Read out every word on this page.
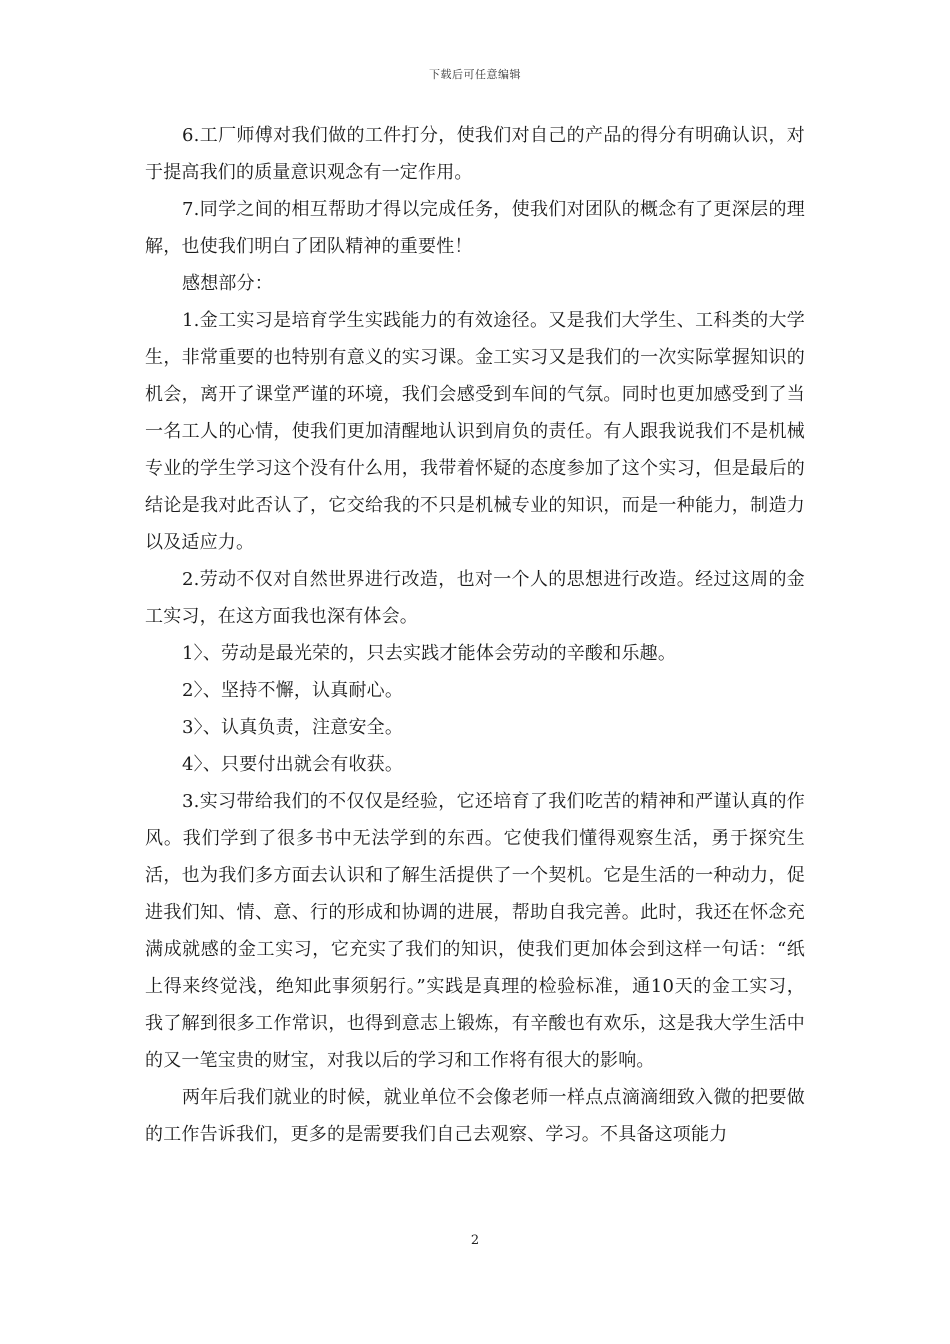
下载后可任意编辑

6.工厂师傅对我们做的工件打分，使我们对自己的产品的得分有明确认识，对于提高我们的质量意识观念有一定作用。

7.同学之间的相互帮助才得以完成任务，使我们对团队的概念有了更深层的理解，也使我们明白了团队精神的重要性！

感想部分：

1.金工实习是培育学生实践能力的有效途径。又是我们大学生、工科类的大学生，非常重要的也特别有意义的实习课。金工实习又是我们的一次实际掌握知识的机会，离开了课堂严谨的环境，我们会感受到车间的气氛。同时也更加感受到了当一名工人的心情，使我们更加清醒地认识到肩负的责任。有人跟我说我们不是机械专业的学生学习这个没有什么用，我带着怀疑的态度参加了这个实习，但是最后的结论是我对此否认了，它交给我的不只是机械专业的知识，而是一种能力，制造力以及适应力。

2.劳动不仅对自然世界进行改造，也对一个人的思想进行改造。经过这周的金工实习，在这方面我也深有体会。

1〉、劳动是最光荣的，只去实践才能体会劳动的辛酸和乐趣。

2〉、坚持不懈，认真耐心。

3〉、认真负责，注意安全。

4〉、只要付出就会有收获。

3.实习带给我们的不仅仅是经验，它还培育了我们吃苦的精神和严谨认真的作风。我们学到了很多书中无法学到的东西。它使我们懂得观察生活，勇于探究生活，也为我们多方面去认识和了解生活提供了一个契机。它是生活的一种动力，促进我们知、情、意、行的形成和协调的进展，帮助自我完善。此时，我还在怀念充满成就感的金工实习，它充实了我们的知识，使我们更加体会到这样一句话：“纸上得来终觉浅，绝知此事须躬行。”实践是真理的检验标准，通10天的金工实习，我了解到很多工作常识，也得到意志上锻炼，有辛酸也有欢乐，这是我大学生活中的又一笔宝贵的财宝，对我以后的学习和工作将有很大的影响。

两年后我们就业的时候，就业单位不会像老师一样点点滴滴细致入微的把要做的工作告诉我们，更多的是需要我们自己去观察、学习。不具备这项能力

2
